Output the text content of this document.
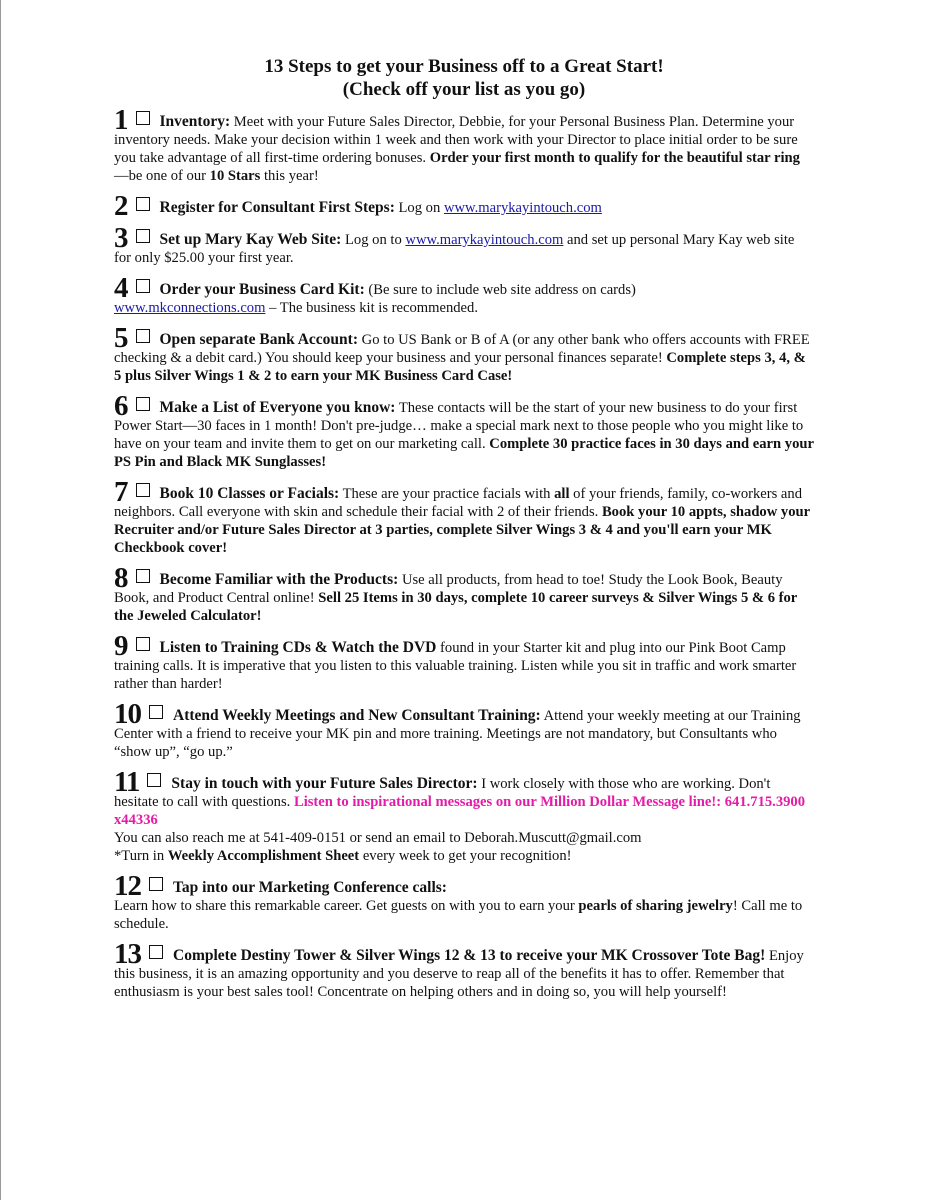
13 Steps to get your Business off to a Great Start!
(Check off your list as you go)
1 Inventory: Meet with your Future Sales Director, Debbie, for your Personal Business Plan. Determine your inventory needs. Make your decision within 1 week and then work with your Director to place initial order to be sure you take advantage of all first-time ordering bonuses. Order your first month to qualify for the beautiful star ring —be one of our 10 Stars this year!
2 Register for Consultant First Steps: Log on www.marykayintouch.com
3 Set up Mary Kay Web Site: Log on to www.marykayintouch.com and set up personal Mary Kay web site for only $25.00 your first year.
4 Order your Business Card Kit: (Be sure to include web site address on cards)
www.mkconnections.com – The business kit is recommended.
5 Open separate Bank Account: Go to US Bank or B of A (or any other bank who offers accounts with FREE checking & a debit card.) You should keep your business and your personal finances separate! Complete steps 3, 4, & 5 plus Silver Wings 1 & 2 to earn your MK Business Card Case!
6 Make a List of Everyone you know: These contacts will be the start of your new business to do your first Power Start—30 faces in 1 month! Don't pre-judge… make a special mark next to those people who you might like to have on your team and invite them to get on our marketing call. Complete 30 practice faces in 30 days and earn your PS Pin and Black MK Sunglasses!
7 Book 10 Classes or Facials: These are your practice facials with all of your friends, family, co-workers and neighbors. Call everyone with skin and schedule their facial with 2 of their friends. Book your 10 appts, shadow your Recruiter and/or Future Sales Director at 3 parties, complete Silver Wings 3 & 4 and you'll earn your MK Checkbook cover!
8 Become Familiar with the Products: Use all products, from head to toe! Study the Look Book, Beauty Book, and Product Central online! Sell 25 Items in 30 days, complete 10 career surveys & Silver Wings 5 & 6 for the Jeweled Calculator!
9 Listen to Training CDs & Watch the DVD found in your Starter kit and plug into our Pink Boot Camp training calls. It is imperative that you listen to this valuable training. Listen while you sit in traffic and work smarter rather than harder!
10 Attend Weekly Meetings and New Consultant Training: Attend your weekly meeting at our Training Center with a friend to receive your MK pin and more training. Meetings are not mandatory, but Consultants who “show up”, “go up.”
11 Stay in touch with your Future Sales Director: I work closely with those who are working. Don't hesitate to call with questions. Listen to inspirational messages on our Million Dollar Message line!: 641.715.3900 x44336
You can also reach me at 541-409-0151 or send an email to Deborah.Muscutt@gmail.com
*Turn in Weekly Accomplishment Sheet every week to get your recognition!
12 Tap into our Marketing Conference calls:
Learn how to share this remarkable career. Get guests on with you to earn your pearls of sharing jewelry! Call me to schedule.
13 Complete Destiny Tower & Silver Wings 12 & 13 to receive your MK Crossover Tote Bag! Enjoy this business, it is an amazing opportunity and you deserve to reap all of the benefits it has to offer. Remember that enthusiasm is your best sales tool! Concentrate on helping others and in doing so, you will help yourself!
